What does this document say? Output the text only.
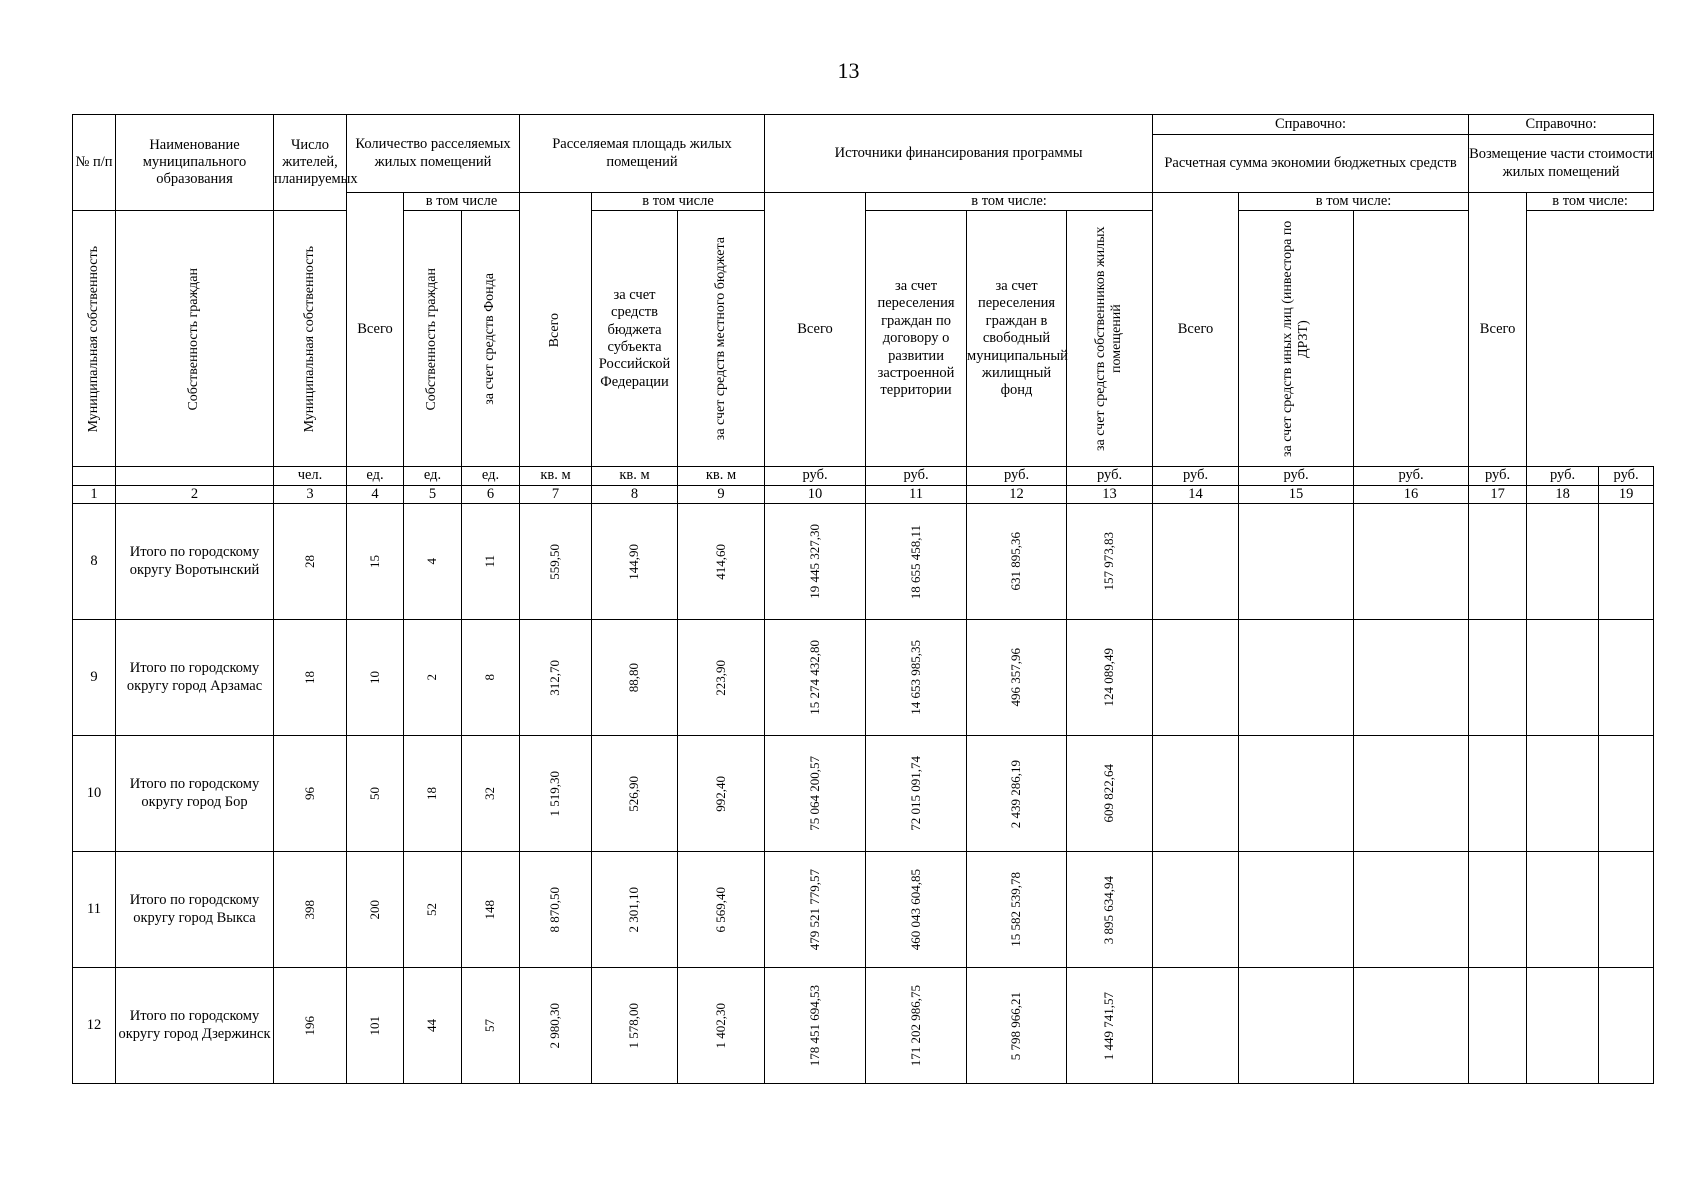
13
№ п/п	Наименование муниципального образования	Число жителей, планируемых	Количество расселяемых жилых помещений			Расселяемая площадь жилых помещений			Источники финансирования программы				Справочно:			Справочно:		
													Расчетная сумма экономии бюджетных средств			Возмещение части стоимости жилых помещений		
			Всего	в том числе		Всего	в том числе		Всего	в том числе:			Всего	в том числе:		Всего	в том числе:	

Муниципальная собственность	Собственность граждан	Муниципальная собственность		Собственность граждан	за счет средств Фонда		за счет средств бюджета субъекта Российской Федерации	за счет средств местного бюджета		за счет переселения граждан по договору о развитии застроенной территории	за счет переселения граждан в свободный муниципальный жилищный фонд	за счет средств собственников жилых помещений		за счет средств иных лиц (инвестора по ДРЗТ)				

		чел.	ед.	ед.	ед.	кв. м	кв. м	кв. м	руб.	руб.	руб.	руб.	руб.	руб.	руб.	руб.	руб.	руб.
1	2	3	4	5	6	7	8	9	10	11	12	13	14	15	16	17	18	19
8	Итого по городскому округу Воротынский	28	15	4	11	559,50	144,90	414,60	19 445 327,30	18 655 458,11	631 895,36	157 973,83						

9	Итого по городскому округу город Арзамас	18	10	2	8	312,70	88,80	223,90	15 274 432,80	14 653 985,35	496 357,96	124 089,49						

10	Итого по городскому округу город Бор	96	50	18	32	1 519,30	526,90	992,40	75 064 200,57	72 015 091,74	2 439 286,19	609 822,64						

11	Итого по городскому округу город Выкса	398	200	52	148	8 870,50	2 301,10	6 569,40	479 521 779,57	460 043 604,85	15 582 539,78	3 895 634,94						

12	Итого по городскому округу город Дзержинск	196	101	44	57	2 980,30	1 578,00	1 402,30	178 451 694,53	171 202 986,75	5 798 966,21	1 449 741,57						
